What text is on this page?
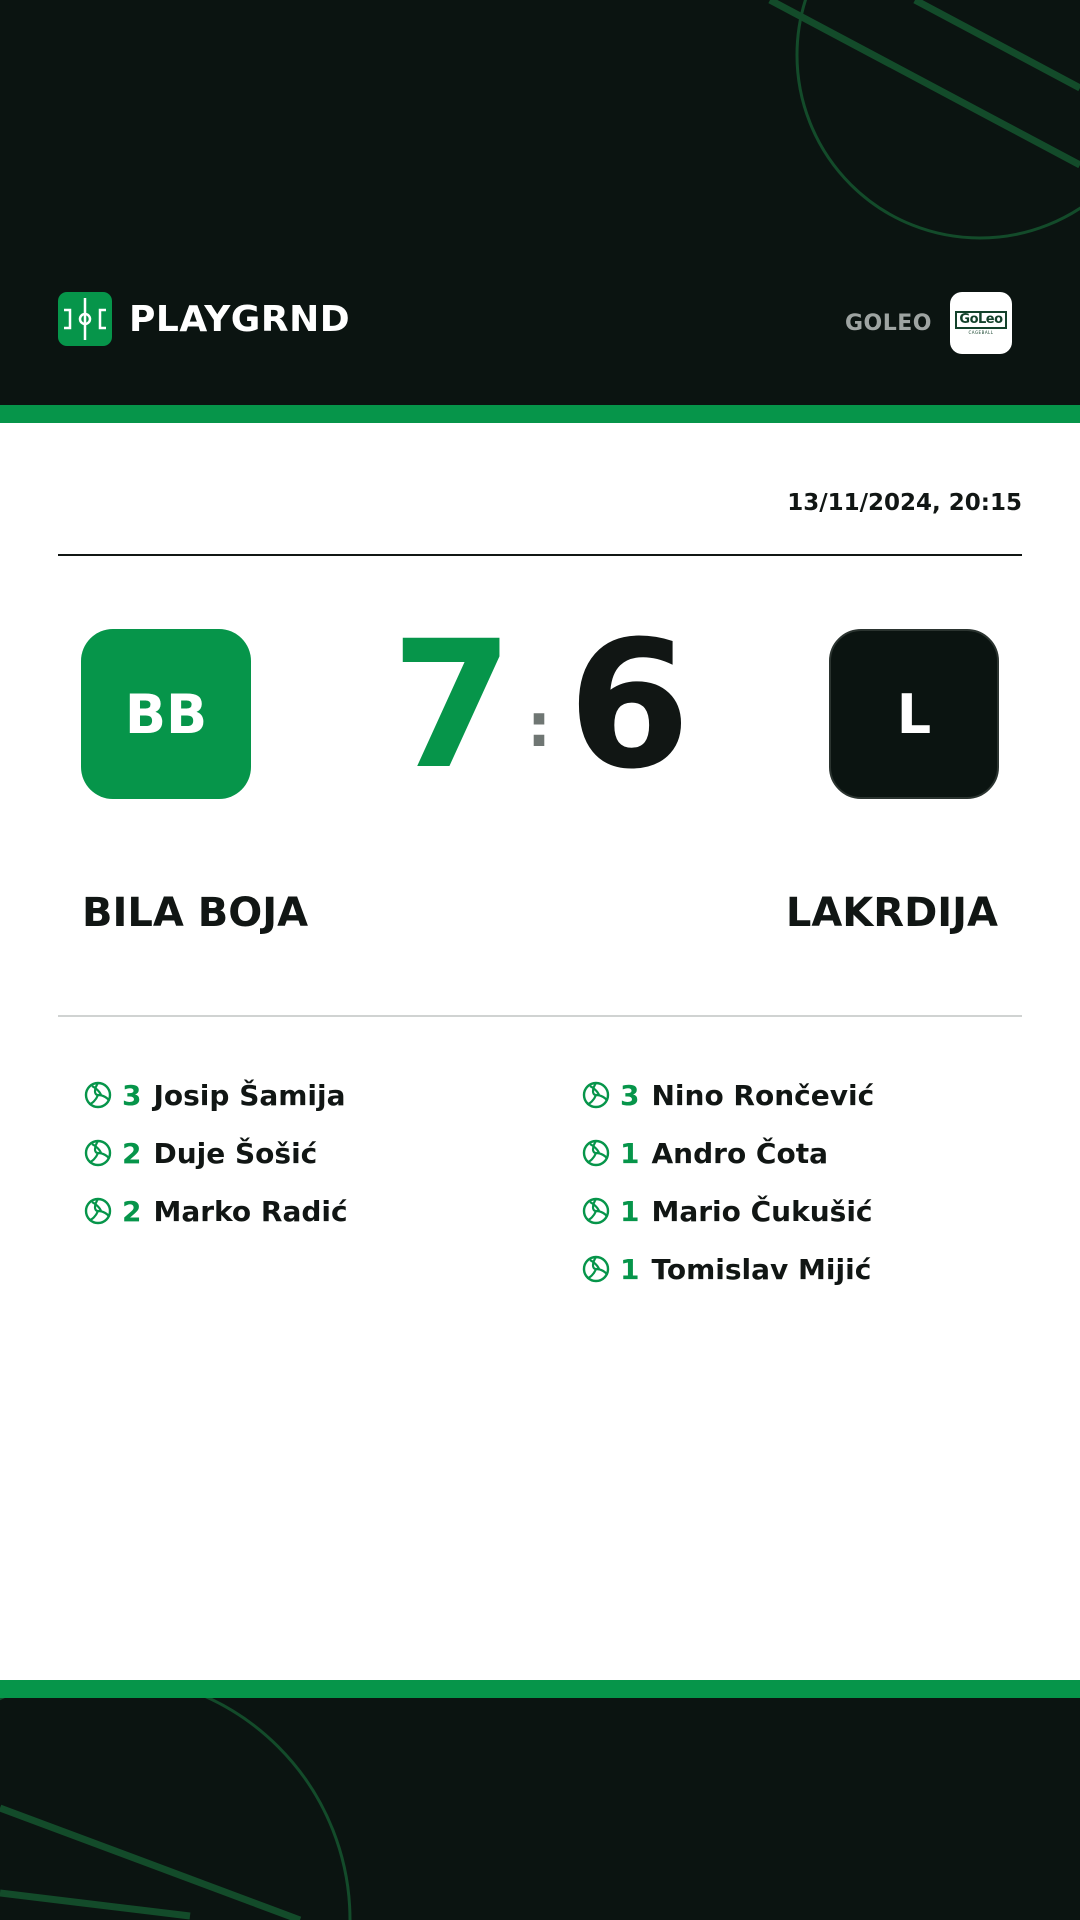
PLAYGRND	GOLEO	GoLeo
CAGEBALL
13/11/2024, 20:15
BB 7 : 6	L
BILA BOJA	LAKRDIJA
3 Josip Šamija
2 Duje Šošić
2 Marko Radić
3 Nino Rončević
1 Andro Čota
1 Mario Čukušić
1 Tomislav Mijić
